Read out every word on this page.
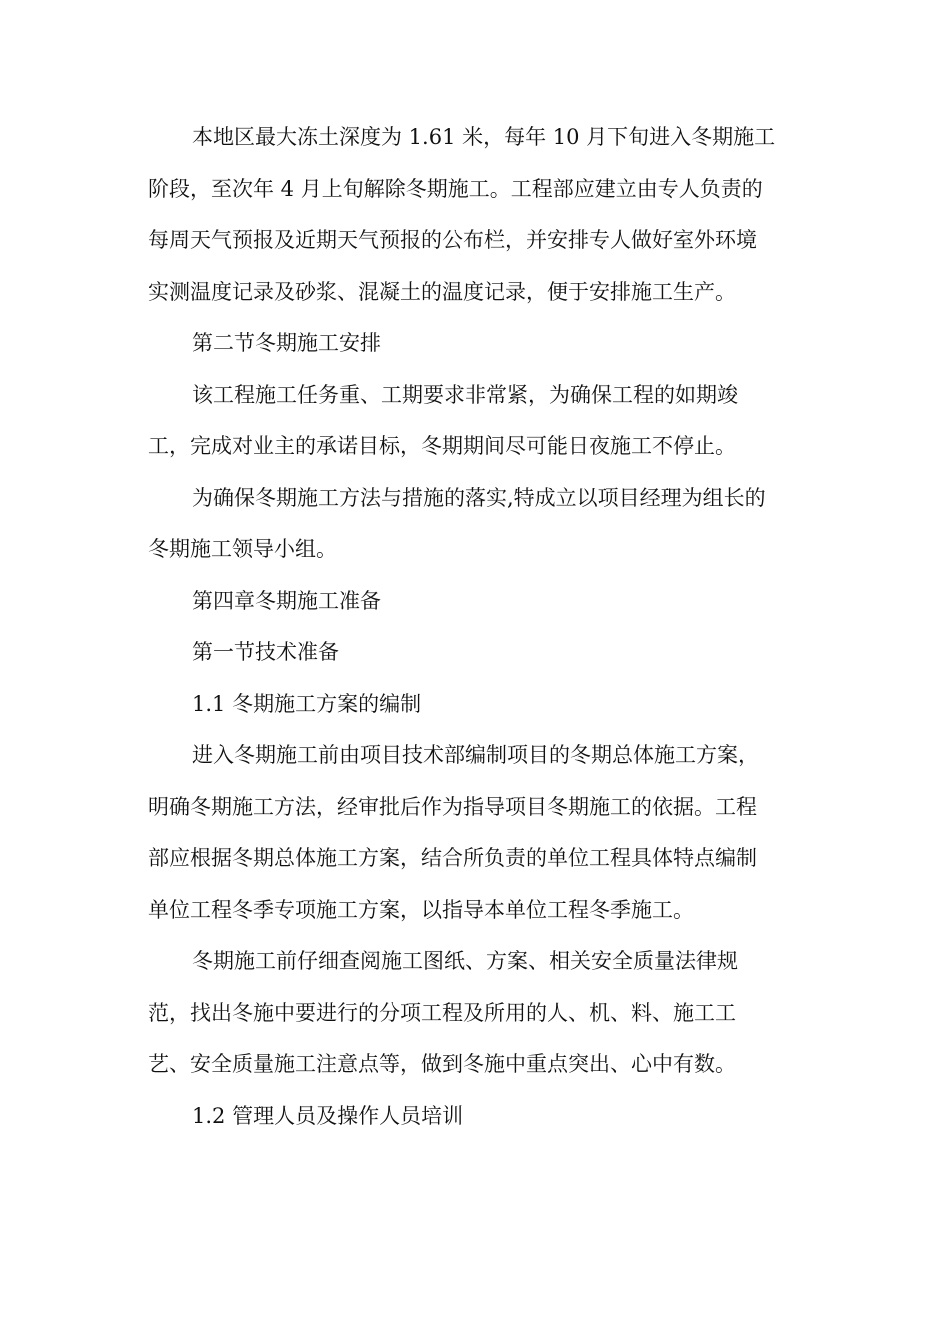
本地区最大冻土深度为 1.61 米，每年 10 月下旬进入冬期施工
阶段，至次年 4 月上旬解除冬期施工。工程部应建立由专人负责的
每周天气预报及近期天气预报的公布栏，并安排专人做好室外环境
实测温度记录及砂浆、混凝土的温度记录，便于安排施工生产。
第二节冬期施工安排
该工程施工任务重、工期要求非常紧，为确保工程的如期竣
工，完成对业主的承诺目标，冬期期间尽可能日夜施工不停止。
为确保冬期施工方法与措施的落实,特成立以项目经理为组长的
冬期施工领导小组。
第四章冬期施工准备
第一节技术准备
1.1 冬期施工方案的编制
进入冬期施工前由项目技术部编制项目的冬期总体施工方案，
明确冬期施工方法，经审批后作为指导项目冬期施工的依据。工程
部应根据冬期总体施工方案，结合所负责的单位工程具体特点编制
单位工程冬季专项施工方案，以指导本单位工程冬季施工。
冬期施工前仔细查阅施工图纸、方案、相关安全质量法律规
范，找出冬施中要进行的分项工程及所用的人、机、料、施工工
艺、安全质量施工注意点等，做到冬施中重点突出、心中有数。
1.2 管理人员及操作人员培训
